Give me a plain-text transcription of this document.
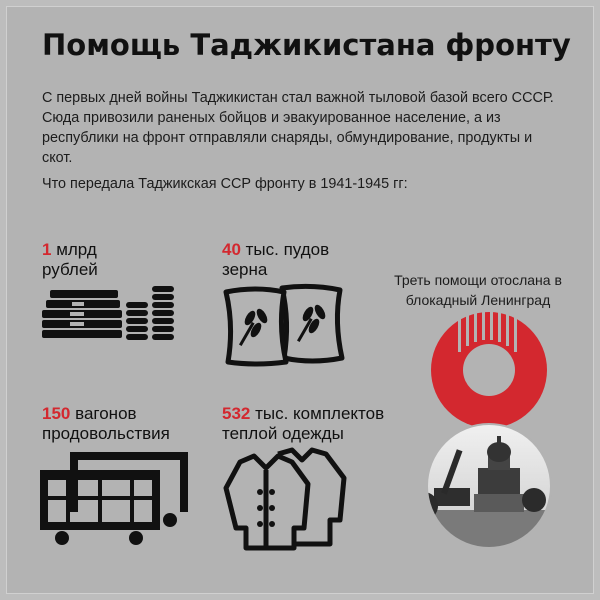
Помощь Таджикистана фронту
С первых дней войны Таджикистан стал важной тыловой базой всего СССР. Сюда привозили раненых бойцов и эвакуированное население, а из республики на фронт отправляли снаряды, обмундирование, продукты и скот.
Что передала Таджикская ССР фронту в 1941-1945 гг:
1 млрд
рублей
40 тыс. пудов
зерна
150 вагонов
продовольствия
532 тыс. комплектов
теплой одежды
Треть помощи отослана в блокадный Ленинград
